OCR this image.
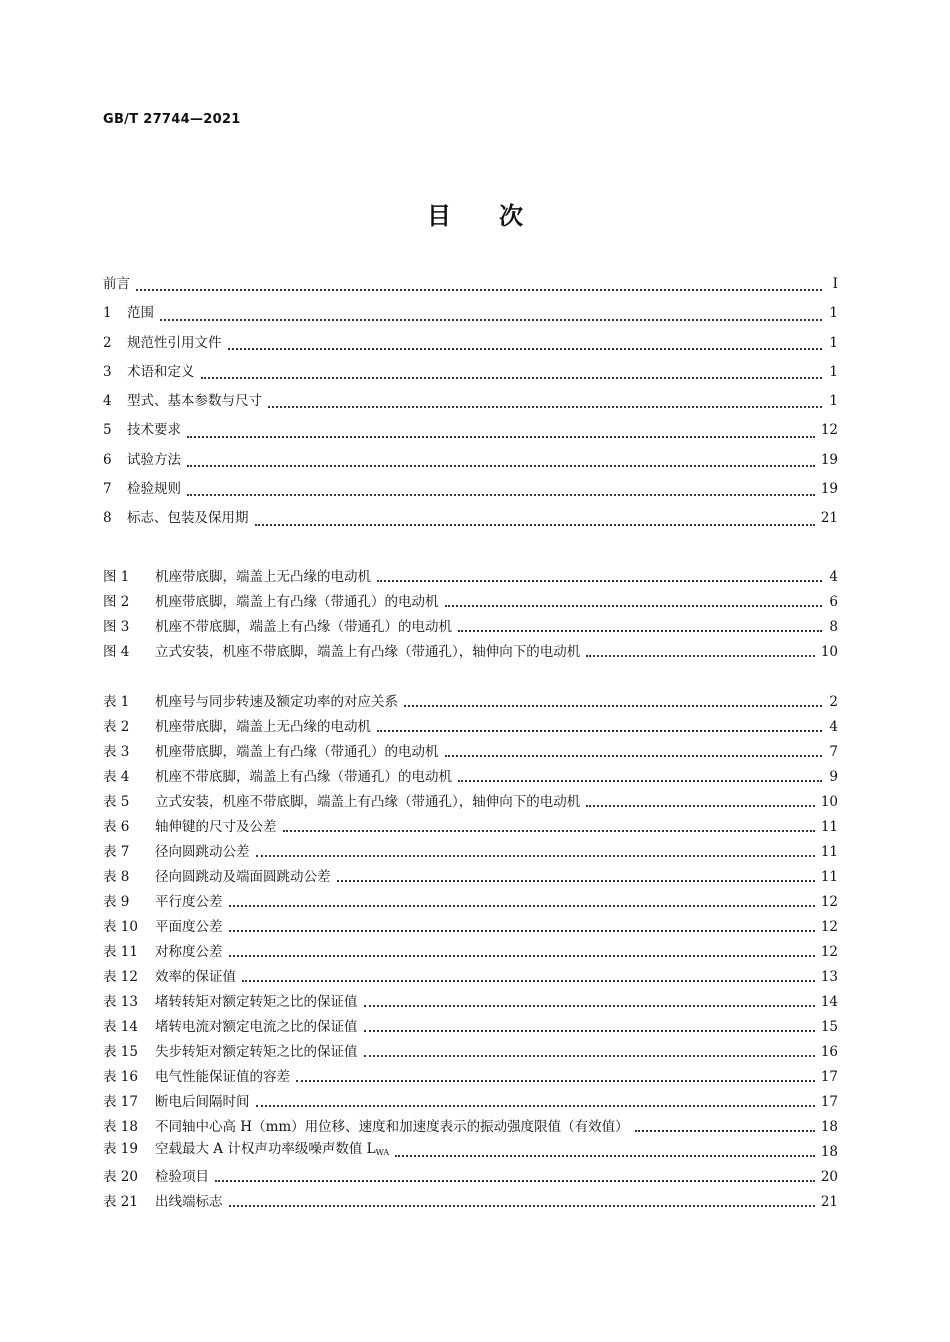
GB/T 27744—2021
目　　次
前言	Ⅰ
1 范围	1
2 规范性引用文件	1
3 术语和定义	1
4 型式、基本参数与尺寸	1
5 技术要求	12
6 试验方法	19
7 检验规则	19
8 标志、包装及保用期	21
图 1 机座带底脚，端盖上无凸缘的电动机	4
图 2 机座带底脚，端盖上有凸缘（带通孔）的电动机	6
图 3 机座不带底脚，端盖上有凸缘（带通孔）的电动机	8
图 4 立式安装，机座不带底脚，端盖上有凸缘（带通孔），轴伸向下的电动机	10
表 1 机座号与同步转速及额定功率的对应关系	2
表 2 机座带底脚，端盖上无凸缘的电动机	4
表 3 机座带底脚，端盖上有凸缘（带通孔）的电动机	7
表 4 机座不带底脚，端盖上有凸缘（带通孔）的电动机	9
表 5 立式安装，机座不带底脚，端盖上有凸缘（带通孔），轴伸向下的电动机	10
表 6 轴伸键的尺寸及公差	11
表 7 径向圆跳动公差	11
表 8 径向圆跳动及端面圆跳动公差	11
表 9 平行度公差	12
表 10 平面度公差	12
表 11 对称度公差	12
表 12 效率的保证值	13
表 13 堵转转矩对额定转矩之比的保证值	14
表 14 堵转电流对额定电流之比的保证值	15
表 15 失步转矩对额定转矩之比的保证值	16
表 16 电气性能保证值的容差	17
表 17 断电后间隔时间	17
表 18 不同轴中心高 H（mm）用位移、速度和加速度表示的振动强度限值（有效值）	18
表 19 空载最大 A 计权声功率级噪声数值 $L_{WA}$	18
表 20 检验项目	20
表 21 出线端标志	21
